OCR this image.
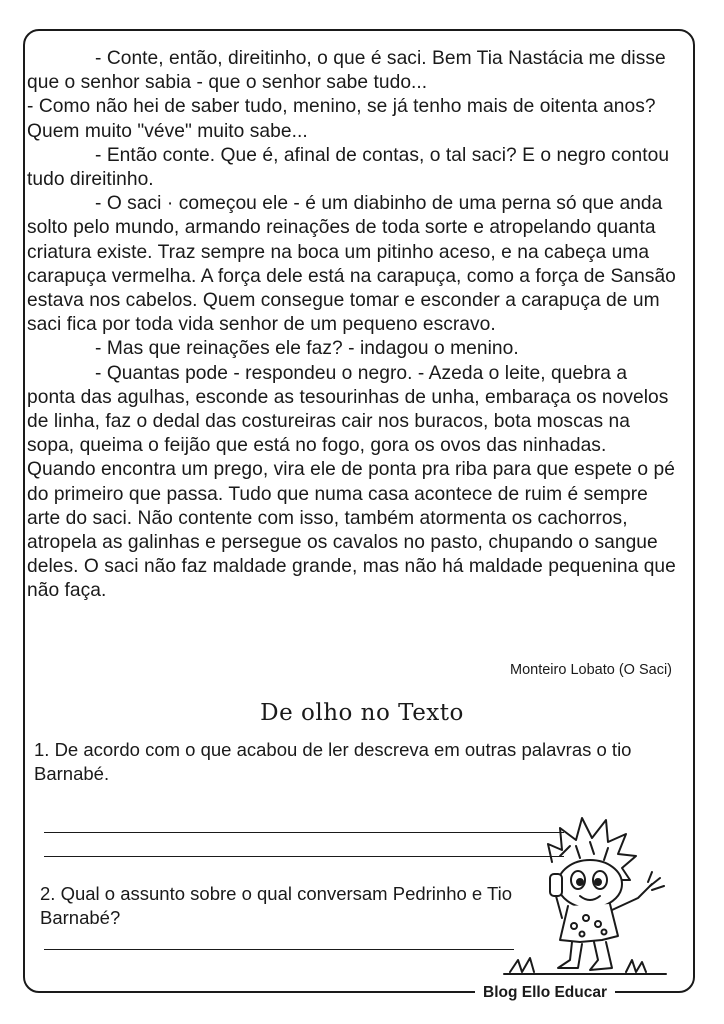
- Conte, então, direitinho, o que é saci. Bem Tia Nastácia me disse que o senhor sabia - que o senhor sabe tudo...

- Como não hei de saber tudo, menino, se já tenho mais de oitenta anos? Quem muito "véve" muito sabe...

- Então conte. Que é, afinal de contas, o tal saci? E o negro contou tudo direitinho.

- O saci · começou ele - é um diabinho de uma perna só que anda solto pelo mundo, armando reinações de toda sorte e atropelando quanta criatura existe. Traz sempre na boca um pitinho aceso, e na cabeça uma carapuça vermelha. A força dele está na carapuça, como a força de Sansão estava nos cabelos. Quem consegue tomar e esconder a carapuça de um saci fica por toda vida senhor de um pequeno escravo.

- Mas que reinações ele faz? - indagou o menino.

- Quantas pode - respondeu o negro. - Azeda o leite, quebra a ponta das agulhas, esconde as tesourinhas de unha, embaraça os novelos de linha, faz o dedal das costureiras cair nos buracos, bota moscas na sopa, queima o feijão que está no fogo, gora os ovos das ninhadas. Quando encontra um prego, vira ele de ponta pra riba para que espete o pé do primeiro que passa. Tudo que numa casa acontece de ruim é sempre arte do saci. Não contente com isso, também atormenta os cachorros, atropela as galinhas e persegue os cavalos no pasto, chupando o sangue deles. O saci não faz maldade grande, mas não há maldade pequenina que não faça.

Monteiro Lobato (O Saci)
De olho no Texto
1. De acordo com o que acabou de ler descreva em outras palavras o tio Barnabé.
2. Qual o assunto sobre o qual conversam Pedrinho e Tio Barnabé?
Blog Ello Educar
